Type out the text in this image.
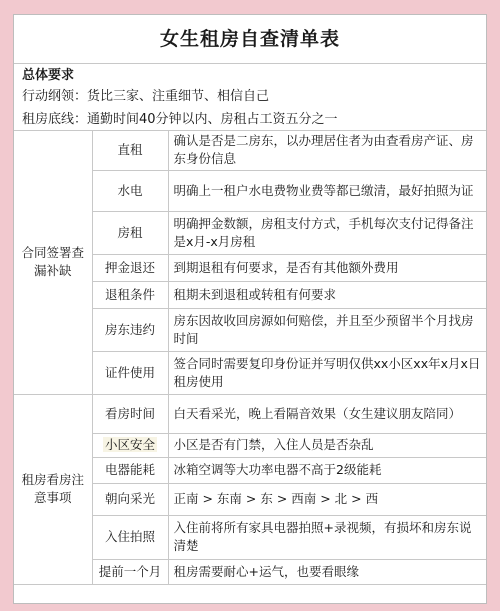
女生租房自查清单表
总体要求
行动纲领：货比三家、注重细节、相信自己
租房底线：通勤时间40分钟以内、房租占工资五分之一
合同签署查漏补缺	直租	确认是否是二房东，以办理居住者为由查看房产证、房东身份信息
	水电	明确上一租户水电费物业费等都已缴清，最好拍照为证
	房租	明确押金数额，房租支付方式，手机每次支付记得备注是x月-x月房租
	押金退还	到期退租有何要求，是否有其他额外费用
	退租条件	租期未到退租或转租有何要求
	房东违约	房东因故收回房源如何赔偿，并且至少预留半个月找房时间
	证件使用	签合同时需要复印身份证并写明仅供xx小区xx年x月x日租房使用
租房看房注意事项	看房时间	白天看采光，晚上看隔音效果（女生建议朋友陪同）
	小区安全	小区是否有门禁，入住人员是否杂乱
	电器能耗	冰箱空调等大功率电器不高于2级能耗
	朝向采光	正南 > 东南 > 东 > 西南 > 北 > 西
	入住拍照	入住前将所有家具电器拍照+录视频，有损坏和房东说清楚
	提前一个月	租房需要耐心+运气，也要看眼缘
